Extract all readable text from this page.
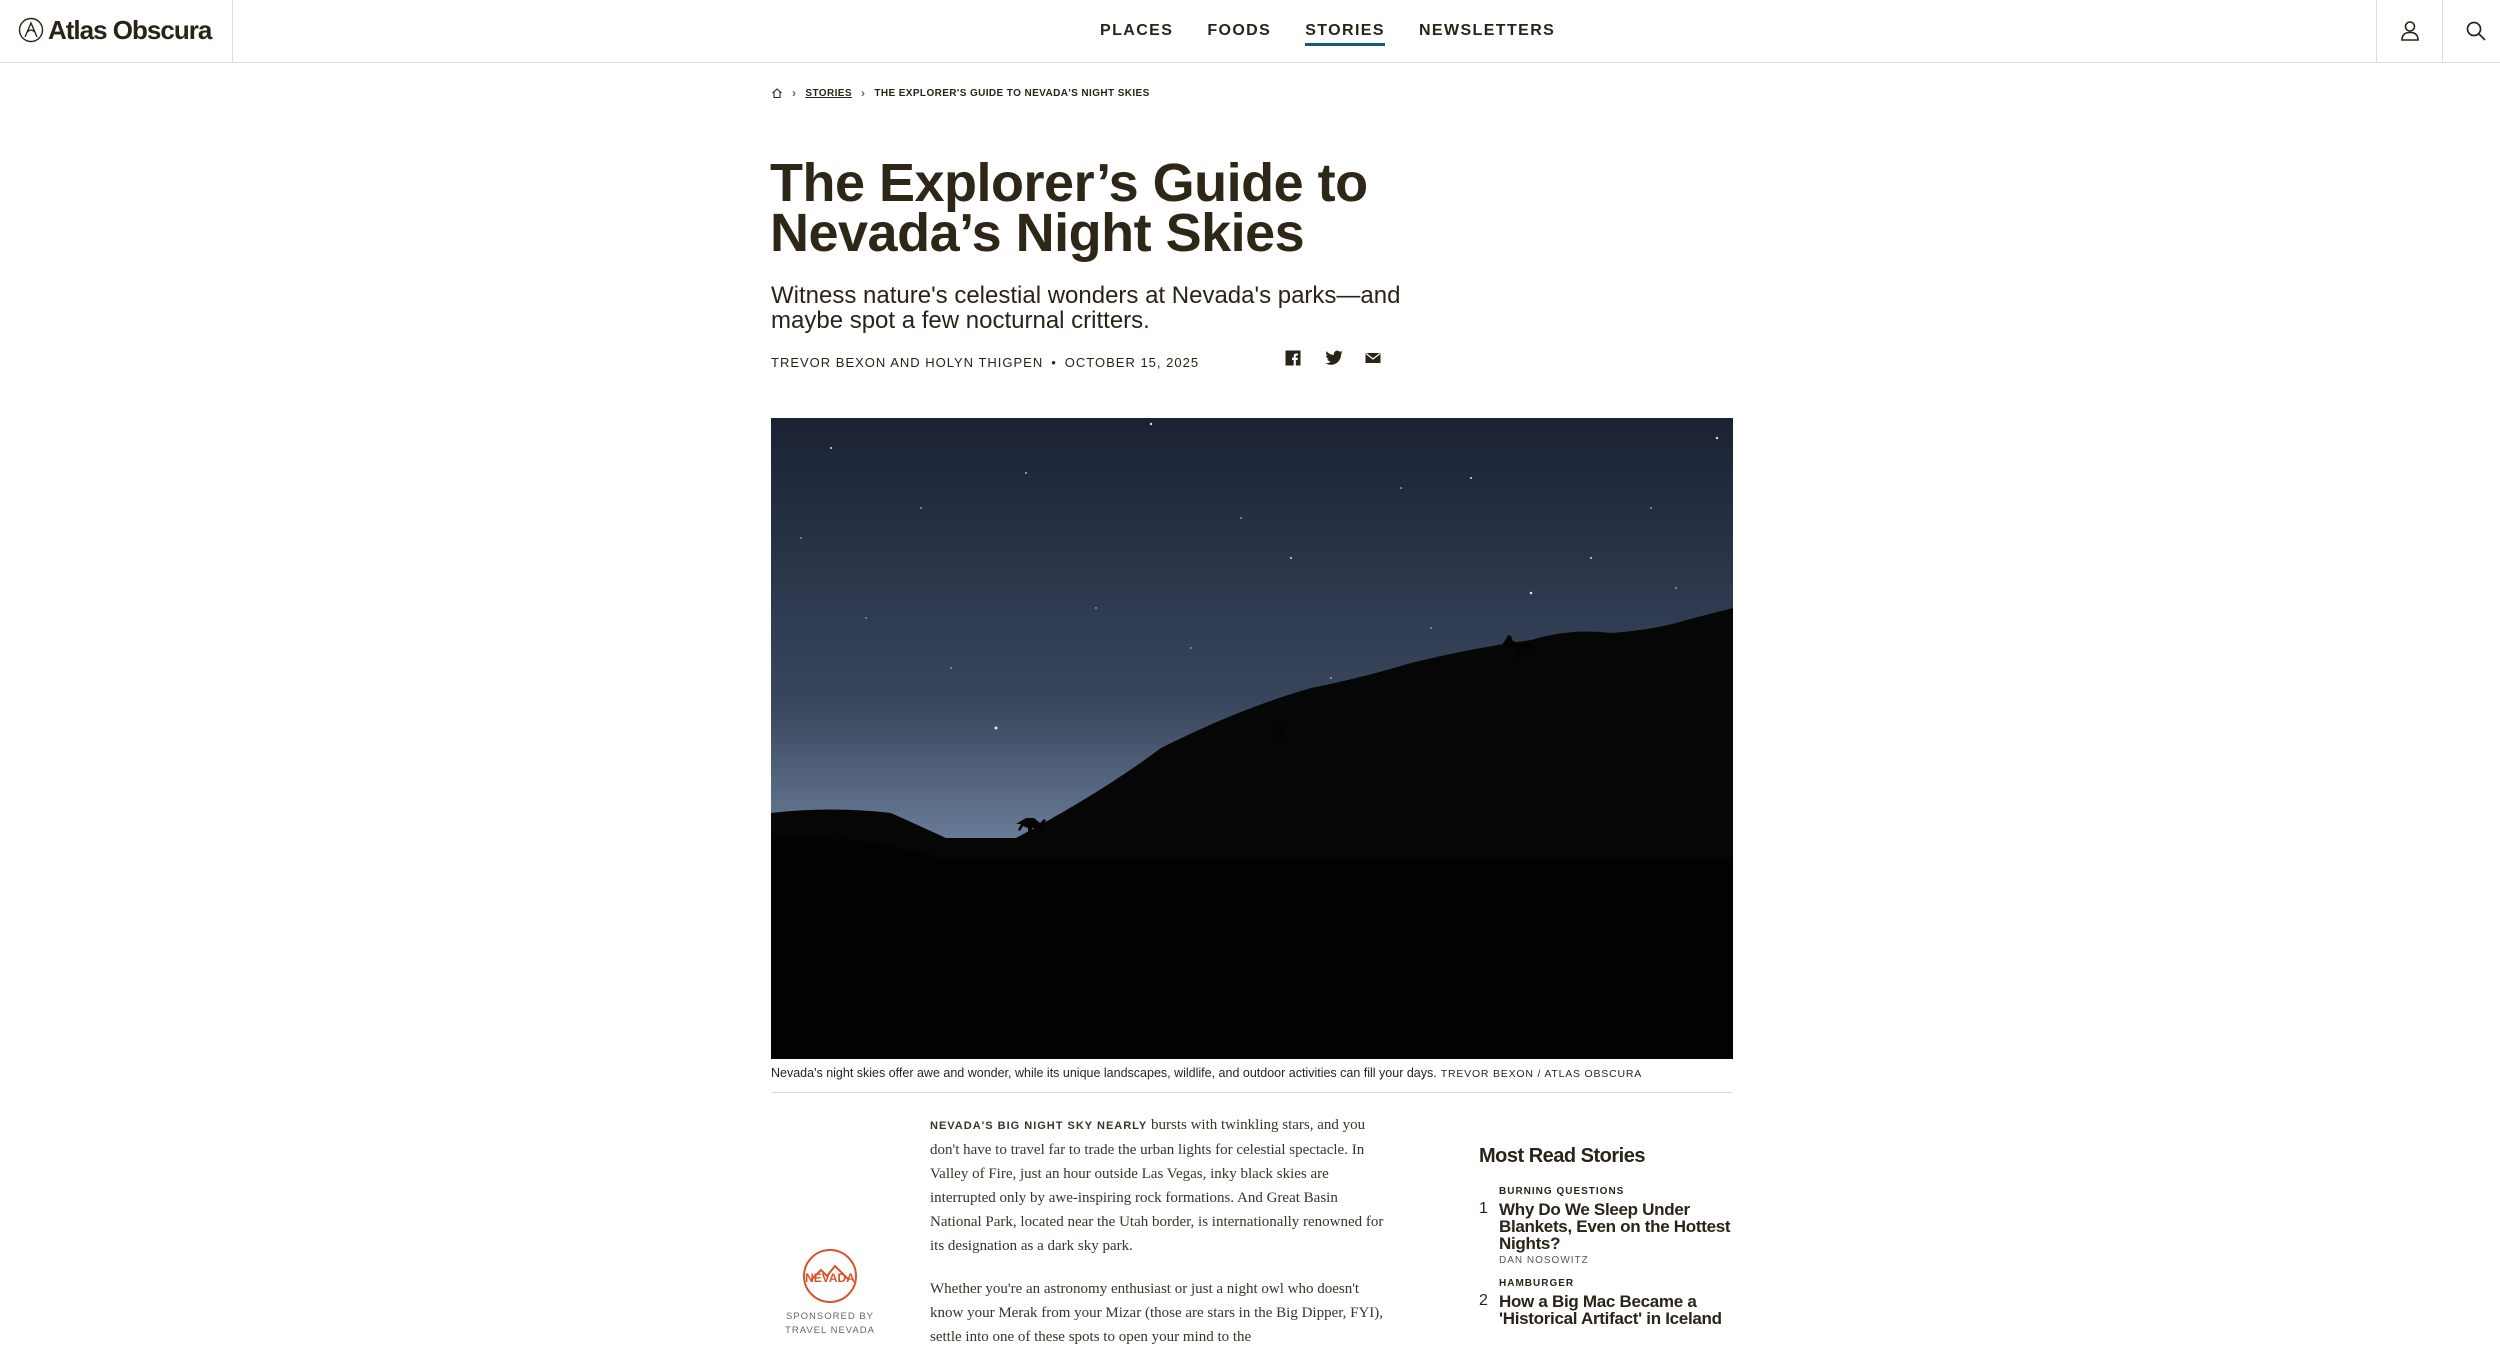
Atlas Obscura	PLACES FOODS STORIES NEWSLETTERS
› STORIES › THE EXPLORER'S GUIDE TO NEVADA'S NIGHT SKIES
The Explorer’s Guide to Nevada’s Night Skies
Witness nature's celestial wonders at Nevada's parks—and maybe spot a few nocturnal critters.
TREVOR BEXON AND HOLYN THIGPEN • OCTOBER 15, 2025
Nevada's night skies offer awe and wonder, while its unique landscapes, wildlife, and outdoor activities can fill your days. TREVOR BEXON / ATLAS OBSCURA
NEVADA
SPONSORED BY
TRAVEL NEVADA

NEVADA'S BIG NIGHT SKY NEARLY bursts with twinkling stars, and you don't have to travel far to trade the urban lights for celestial spectacle. In Valley of Fire, just an hour outside Las Vegas, inky black skies are interrupted only by awe-inspiring rock formations. And Great Basin National Park, located near the Utah border, is internationally renowned for its designation as a dark sky park.

Whether you're an astronomy enthusiast or just a night owl who doesn't know your Merak from your Mizar (those are stars in the Big Dipper, FYI), settle into one of these spots to open your mind to the

Most Read Stories
1
BURNING QUESTIONS
Why Do We Sleep Under Blankets, Even on the Hottest Nights?
DAN NOSOWITZ
2
HAMBURGER
How a Big Mac Became a 'Historical Artifact' in Iceland
